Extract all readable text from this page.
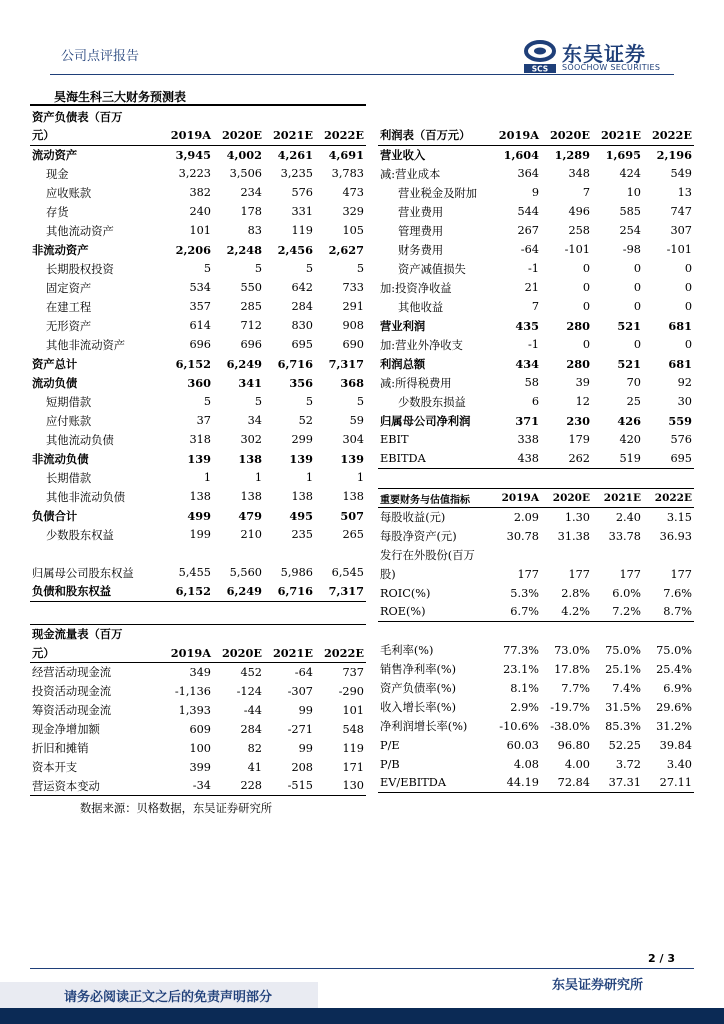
公司点评报告
SCS
东吴证券
SOOCHOW SECURITIES
昊海生科三大财务预测表
资产负债表（百万				
元）	2019A	2020E	2021E	2022E
流动资产	3,945	4,002	4,261	4,691
现金	3,223	3,506	3,235	3,783
应收账款	382	234	576	473
存货	240	178	331	329
其他流动资产	101	83	119	105
非流动资产	2,206	2,248	2,456	2,627
长期股权投资	5	5	5	5
固定资产	534	550	642	733
在建工程	357	285	284	291
无形资产	614	712	830	908
其他非流动资产	696	696	695	690
资产总计	6,152	6,249	6,716	7,317
流动负债	360	341	356	368
短期借款	5	5	5	5
应付账款	37	34	52	59
其他流动负债	318	302	299	304
非流动负债	139	138	139	139
长期借款	1	1	1	1
其他非流动负债	138	138	138	138
负债合计	499	479	495	507
少数股东权益	199	210	235	265

归属母公司股东权益	5,455	5,560	5,986	6,545
负债和股东权益	6,152	6,249	6,716	7,317
利润表（百万元）	2019A	2020E	2021E	2022E
营业收入	1,604	1,289	1,695	2,196
减:营业成本	364	348	424	549
营业税金及附加	9	7	10	13
营业费用	544	496	585	747
管理费用	267	258	254	307
财务费用	-64	-101	-98	-101
资产减值损失	-1	0	0	0
加:投资净收益	21	0	0	0
其他收益	7	0	0	0
营业利润	435	280	521	681
加:营业外净收支	-1	0	0	0
利润总额	434	280	521	681
减:所得税费用	58	39	70	92
少数股东损益	6	12	25	30
归属母公司净利润	371	230	426	559
EBIT	338	179	420	576
EBITDA	438	262	519	695
重要财务与估值指标	2019A	2020E	2021E	2022E
每股收益(元)	2.09	1.30	2.40	3.15
每股净资产(元)	30.78	31.38	33.78	36.93
发行在外股份(百万				
股)	177	177	177	177
ROIC(%)	5.3%	2.8%	6.0%	7.6%
ROE(%)	6.7%	4.2%	7.2%	8.7%

毛利率(%)	77.3%	73.0%	75.0%	75.0%
销售净利率(%)	23.1%	17.8%	25.1%	25.4%
资产负债率(%)	8.1%	7.7%	7.4%	6.9%
收入增长率(%)	2.9%	-19.7%	31.5%	29.6%
净利润增长率(%)	-10.6%	-38.0%	85.3%	31.2%
P/E	60.03	96.80	52.25	39.84
P/B	4.08	4.00	3.72	3.40
EV/EBITDA	44.19	72.84	37.31	27.11
现金流量表（百万				
元）	2019A	2020E	2021E	2022E
经营活动现金流	349	452	-64	737
投资活动现金流	-1,136	-124	-307	-290
筹资活动现金流	1,393	-44	99	101
现金净增加额	609	284	-271	548
折旧和摊销	100	82	99	119
资本开支	399	41	208	171
营运资本变动	-34	228	-515	130
数据来源：贝格数据，东吴证券研究所
2 / 3
请务必阅读正文之后的免责声明部分
东吴证券研究所
